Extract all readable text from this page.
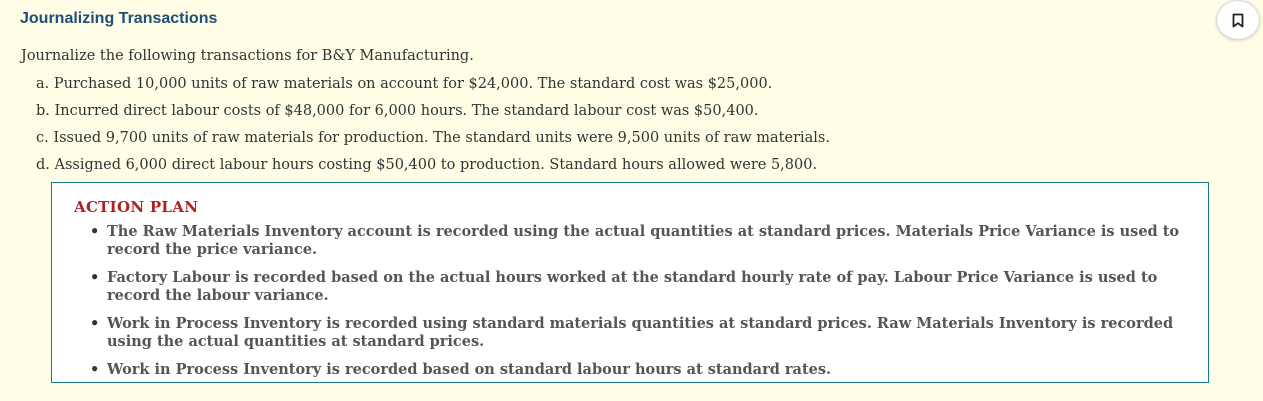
Journalizing Transactions

Journalize the following transactions for B&Y Manufacturing.

a. Purchased 10,000 units of raw materials on account for $24,000. The standard cost was $25,000.
b. Incurred direct labour costs of $48,000 for 6,000 hours. The standard labour cost was $50,400.
c. Issued 9,700 units of raw materials for production. The standard units were 9,500 units of raw materials.
d. Assigned 6,000 direct labour hours costing $50,400 to production. Standard hours allowed were 5,800.
ACTION PLAN
• The Raw Materials Inventory account is recorded using the actual quantities at standard prices. Materials Price Variance is used to record the price variance.
• Factory Labour is recorded based on the actual hours worked at the standard hourly rate of pay. Labour Price Variance is used to record the labour variance.
• Work in Process Inventory is recorded using standard materials quantities at standard prices. Raw Materials Inventory is recorded using the actual quantities at standard prices.
• Work in Process Inventory is recorded based on standard labour hours at standard rates.
